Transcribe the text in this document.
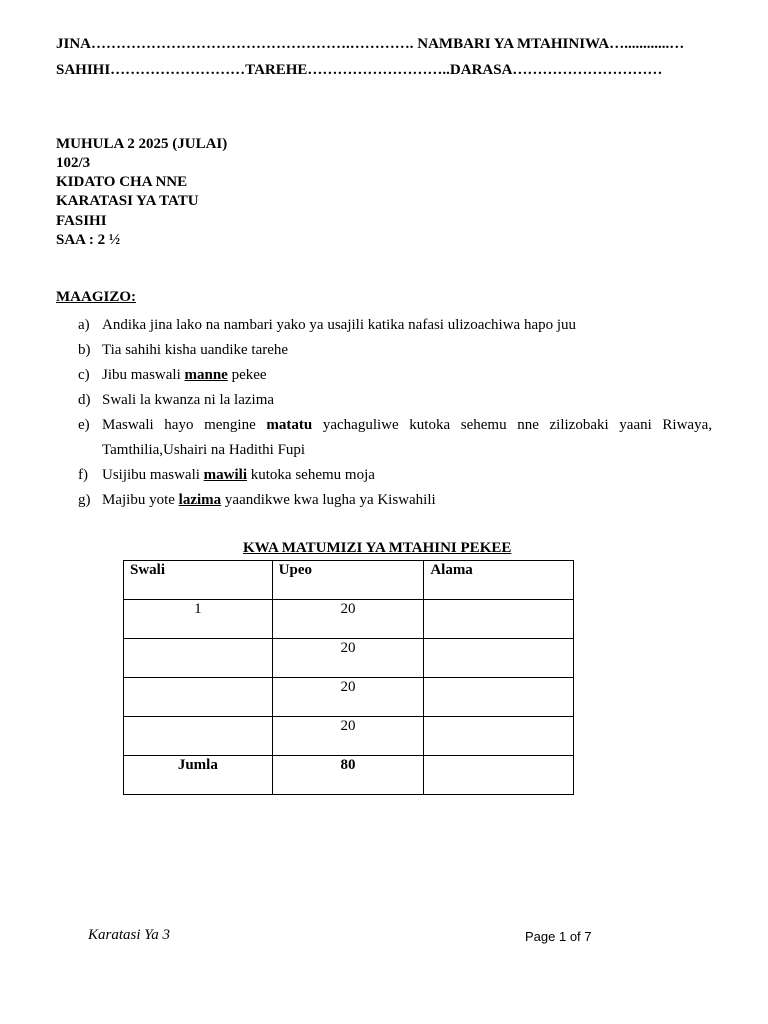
JINA…………………………………………….…………. NAMBARI YA MTAHINIWA…............…
SAHIHI………………………TAREHE………………………..DARASA…………………………
MUHULA 2 2025 (JULAI)
102/3
KIDATO CHA NNE
KARATASI YA TATU
FASIHI
SAA : 2 ½
MAAGIZO:
a) Andika jina lako na nambari yako ya usajili katika nafasi ulizoachiwa hapo juu
b) Tia sahihi kisha uandike tarehe
c) Jibu maswali manne pekee
d) Swali la kwanza ni la lazima
e) Maswali hayo mengine matatu yachaguliwe kutoka sehemu nne zilizobaki yaani Riwaya, Tamthilia,Ushairi na Hadithi Fupi
f) Usijibu maswali mawili kutoka sehemu moja
g) Majibu yote lazima yaandikwe kwa lugha ya Kiswahili
KWA MATUMIZI YA MTAHINI PEKEE
Swali	Upeo	Alama
1	20	
	20	
	20	
	20	
Jumla	80	
Karatasi Ya 3	Page 1 of 7
